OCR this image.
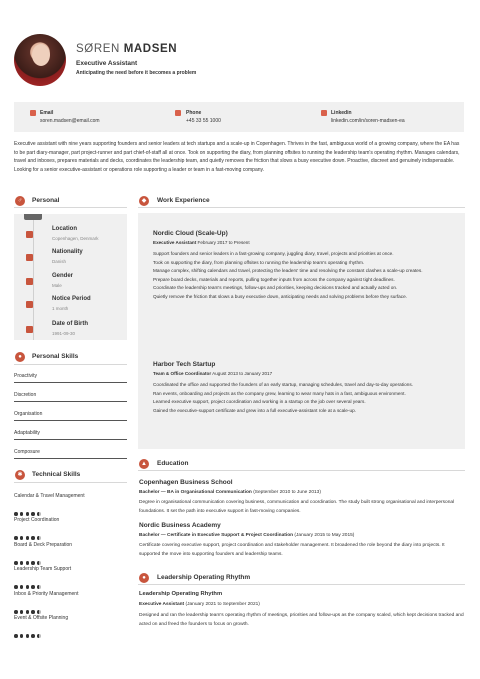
SØREN MADSEN
Executive Assistant
Anticipating the need before it becomes a problem
Email
soren.madsen@email.com
Phone
+45 33 55 1000
Linkedin
linkedin.com/in/soren-madsen-ea
Executive assistant with nine years supporting founders and senior leaders at tech startups and a scale-up in Copenhagen. Thrives in the fast, ambiguous world of a growing company, where the EA has to be part diary-manager, part project-runner and part chief-of-staff all at once. Took on supporting the diary, from planning offsites to running the leadership team's operating rhythm. Manages calendars, travel and inboxes, prepares materials and decks, coordinates the leadership team, and quietly removes the friction that slows a busy executive down. Proactive, discreet and genuinely indispensable. Looking for a senior executive-assistant or operations role supporting a leader or team in a fast-moving company.
♂	Personal
Location
Copenhagen, Denmark
Nationality
Danish
Gender
Male
Notice Period
1 month
Date of Birth
1991-09-30
●	Personal Skills
Proactivity
Discretion
Organisation
Adaptability
Composure
✱	Technical Skills
Calendar & Travel Management
Project Coordination
Board & Deck Preparation
Leadership Team Support
Inbox & Priority Management
Event & Offsite Planning
◆	Work Experience
Nordic Cloud (Scale-Up)
Executive Assistant February 2017 to Present
Support founders and senior leaders in a fast-growing company, juggling diary, travel, projects and priorities at once.
Took on supporting the diary, from planning offsites to running the leadership team's operating rhythm.
Manage complex, shifting calendars and travel, protecting the leaders' time and resolving the constant clashes a scale-up creates.
Prepare board decks, materials and reports, pulling together inputs from across the company against tight deadlines.
Coordinate the leadership team's meetings, follow-ups and priorities, keeping decisions tracked and actually acted on.
Quietly remove the friction that slows a busy executive down, anticipating needs and solving problems before they surface.
Harbor Tech Startup
Team & Office Coordinator August 2013 to January 2017
Coordinated the office and supported the founders of an early startup, managing schedules, travel and day-to-day operations.
Ran events, onboarding and projects as the company grew, learning to wear many hats in a fast, ambiguous environment.
Learned executive support, project coordination and working in a startup on the job over several years.
Gained the executive-support certificate and grew into a full executive-assistant role at a scale-up.
▲	Education
Copenhagen Business School
Bachelor — BA in Organisational Communication (September 2010 to June 2013)
Degree in organisational communication covering business, communication and coordination. The study built strong organisational and interpersonal foundations. It set the path into executive support in fast-moving companies.
Nordic Business Academy
Bachelor — Certificate in Executive Support & Project Coordination (January 2015 to May 2015)
Certificate covering executive support, project coordination and stakeholder management. It broadened the role beyond the diary into projects. It supported the move into supporting founders and leadership teams.
●	Leadership Operating Rhythm
Leadership Operating Rhythm
Executive Assistant (January 2021 to September 2021)
Designed and ran the leadership team's operating rhythm of meetings, priorities and follow-ups as the company scaled, which kept decisions tracked and acted on and freed the founders to focus on growth.
